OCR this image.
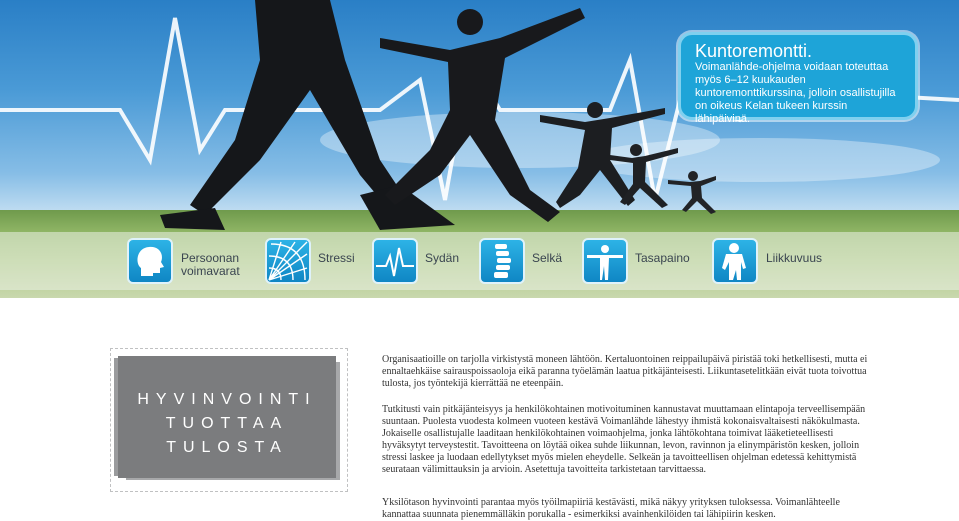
Kuntoremontti.
Voimanlähde-ohjelma voidaan toteuttaa myös 6–12 kuukauden kuntoremonttikurssina, jolloin osallistujilla on oikeus Kelan tukeen kurssin lähipäivinä.
Persoonan
voimavarat
Stressi	Sydän	Selkä	Tasapaino	Liikkuvuus
HYVINVOINTI
TUOTTAA
TULOSTA

Organisaatioille on tarjolla virkistystä moneen lähtöön. Kertaluontoinen reippailupäivä piristää toki hetkellisesti, mutta ei ennaltaehkäise sairauspoissaoloja eikä paranna työelämän laatua pitkäjänteisesti. Liikuntasetelitkään eivät tuota toivottua tulosta, jos työntekijä kierrättää ne eteenpäin.

Tutkitusti vain pitkäjänteisyys ja henkilökohtainen motivoituminen kannustavat muuttamaan elintapoja terveellisempään suuntaan. Puolesta vuodesta kolmeen vuoteen kestävä Voimanlähde lähestyy ihmistä kokonaisvaltaisesti näkökulmasta. Jokaiselle osallistujalle laaditaan henkilökohtainen voimaohjelma, jonka lähtökohtana toimivat lääketieteellisesti hyväksytyt terveystestit. Tavoitteena on löytää oikea suhde liikunnan, levon, ravinnon ja elinympäristön kesken, jolloin stressi laskee ja luodaan edellytykset myös mielen eheydelle. Selkeän ja tavoitteellisen ohjelman edetessä kehittymistä seurataan välimittauksin ja arvioin. Asetettuja tavoitteita tarkistetaan tarvittaessa.

Yksilötason hyvinvointi parantaa myös työilmapiiriä kestävästi, mikä näkyy yrityksen tuloksessa. Voimanlähteelle kannattaa suunnata pienemmälläkin porukalla - esimerkiksi avainhenkilöiden tai lähipiirin kesken.
